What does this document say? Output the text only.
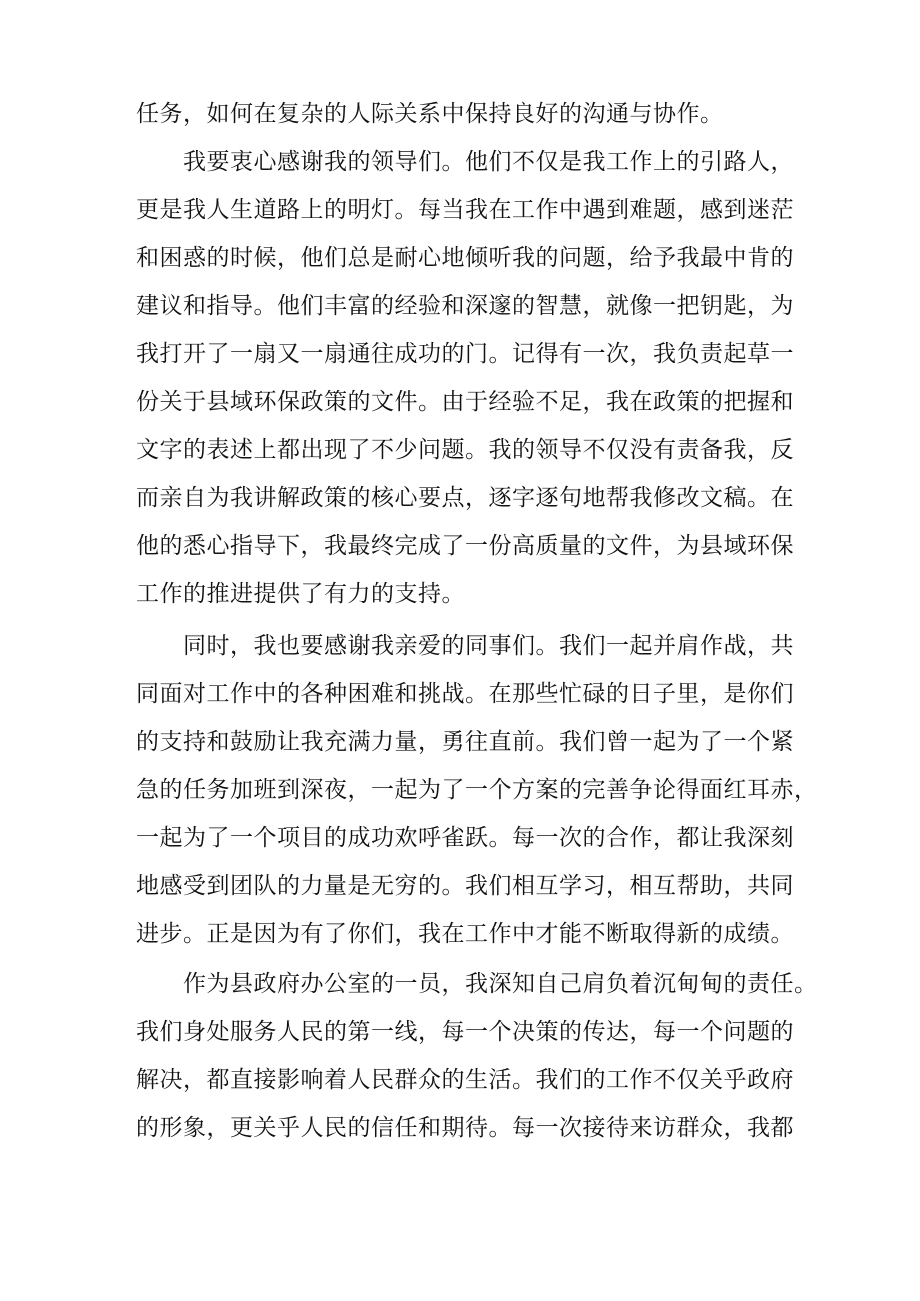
任务，如何在复杂的人际关系中保持良好的沟通与协作。
我要衷心感谢我的领导们。他们不仅是我工作上的引路人，
更是我人生道路上的明灯。每当我在工作中遇到难题，感到迷茫
和困惑的时候，他们总是耐心地倾听我的问题，给予我最中肯的
建议和指导。他们丰富的经验和深邃的智慧，就像一把钥匙，为
我打开了一扇又一扇通往成功的门。记得有一次，我负责起草一
份关于县域环保政策的文件。由于经验不足，我在政策的把握和
文字的表述上都出现了不少问题。我的领导不仅没有责备我，反
而亲自为我讲解政策的核心要点，逐字逐句地帮我修改文稿。在
他的悉心指导下，我最终完成了一份高质量的文件，为县域环保
工作的推进提供了有力的支持。
同时，我也要感谢我亲爱的同事们。我们一起并肩作战，共
同面对工作中的各种困难和挑战。在那些忙碌的日子里，是你们
的支持和鼓励让我充满力量，勇往直前。我们曾一起为了一个紧
急的任务加班到深夜，一起为了一个方案的完善争论得面红耳赤，
一起为了一个项目的成功欢呼雀跃。每一次的合作，都让我深刻
地感受到团队的力量是无穷的。我们相互学习，相互帮助，共同
进步。正是因为有了你们，我在工作中才能不断取得新的成绩。
作为县政府办公室的一员，我深知自己肩负着沉甸甸的责任。
我们身处服务人民的第一线，每一个决策的传达，每一个问题的
解决，都直接影响着人民群众的生活。我们的工作不仅关乎政府
的形象，更关乎人民的信任和期待。每一次接待来访群众，我都
